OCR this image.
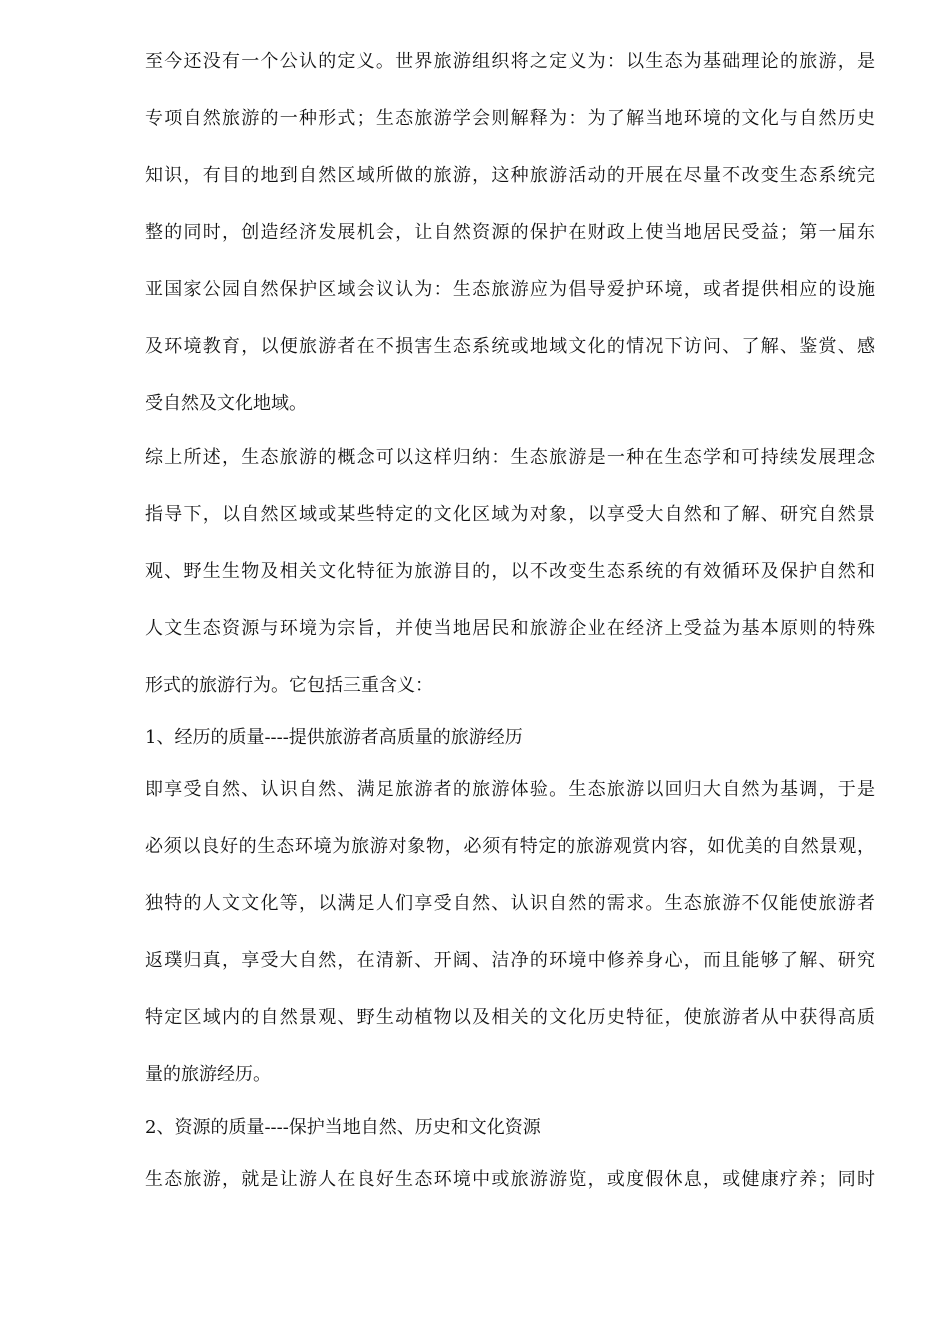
至今还没有一个公认的定义。世界旅游组织将之定义为：以生态为基础理论的旅游，是
专项自然旅游的一种形式；生态旅游学会则解释为：为了解当地环境的文化与自然历史
知识，有目的地到自然区域所做的旅游，这种旅游活动的开展在尽量不改变生态系统完
整的同时，创造经济发展机会，让自然资源的保护在财政上使当地居民受益；第一届东
亚国家公园自然保护区域会议认为：生态旅游应为倡导爱护环境，或者提供相应的设施
及环境教育，以便旅游者在不损害生态系统或地域文化的情况下访问、了解、鉴赏、感
受自然及文化地域。
综上所述，生态旅游的概念可以这样归纳：生态旅游是一种在生态学和可持续发展理念
指导下，以自然区域或某些特定的文化区域为对象，以享受大自然和了解、研究自然景
观、野生生物及相关文化特征为旅游目的，以不改变生态系统的有效循环及保护自然和
人文生态资源与环境为宗旨，并使当地居民和旅游企业在经济上受益为基本原则的特殊
形式的旅游行为。它包括三重含义：
1、经历的质量----提供旅游者高质量的旅游经历
即享受自然、认识自然、满足旅游者的旅游体验。生态旅游以回归大自然为基调，于是
必须以良好的生态环境为旅游对象物，必须有特定的旅游观赏内容，如优美的自然景观，
独特的人文文化等，以满足人们享受自然、认识自然的需求。生态旅游不仅能使旅游者
返璞归真，享受大自然，在清新、开阔、洁净的环境中修养身心，而且能够了解、研究
特定区域内的自然景观、野生动植物以及相关的文化历史特征，使旅游者从中获得高质
量的旅游经历。
2、资源的质量----保护当地自然、历史和文化资源
生态旅游，就是让游人在良好生态环境中或旅游游览，或度假休息，或健康疗养；同时
